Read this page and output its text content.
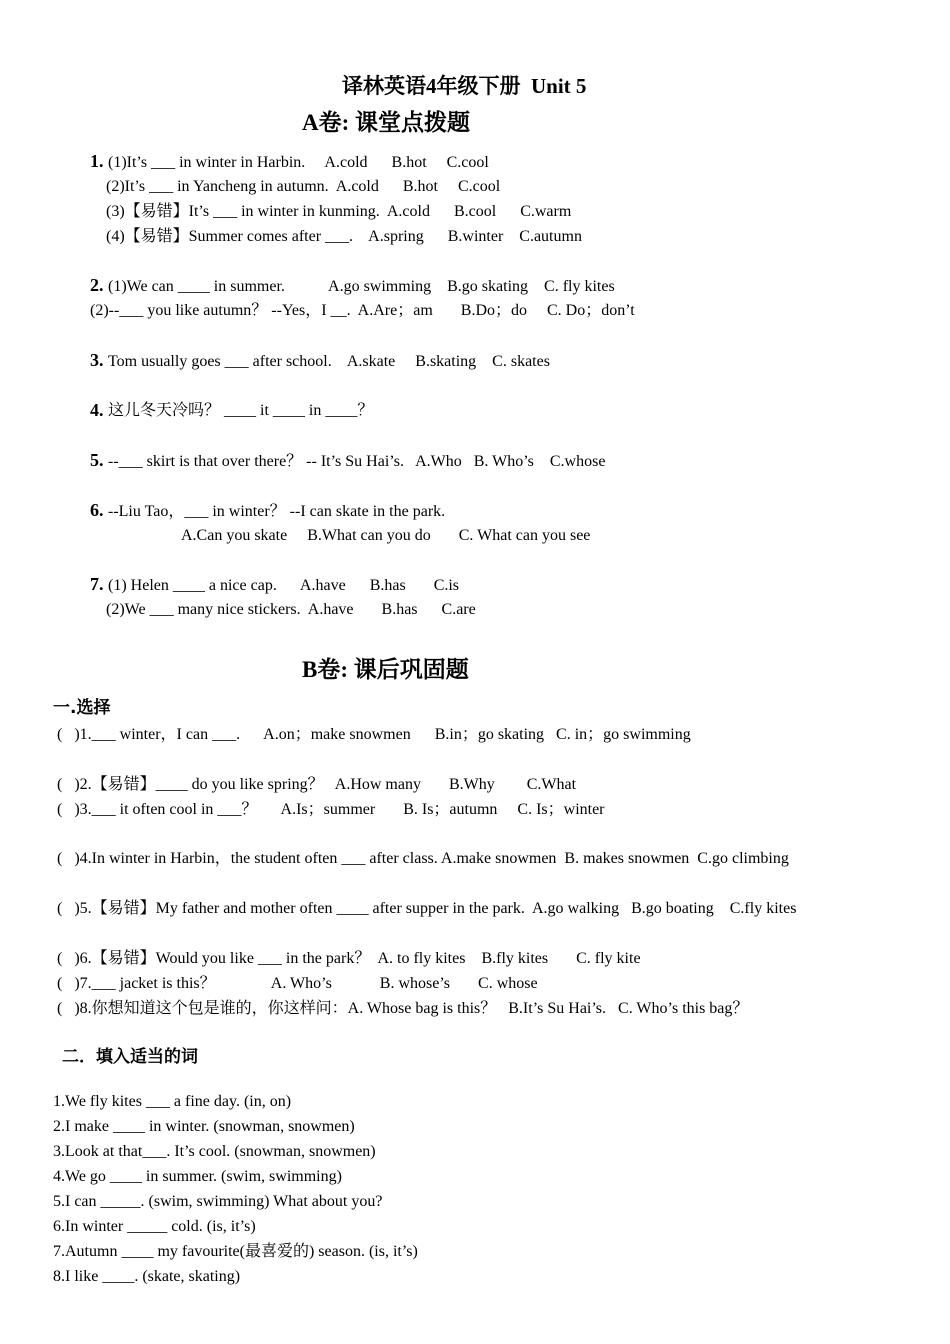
译林英语4年级下册  Unit 5
A卷: 课堂点拨题
1. (1)It’s ___ in winter in Harbin.     A.cold      B.hot     C.cool
(2)It’s ___ in Yancheng in autumn.  A.cold      B.hot     C.cool
(3)【易错】It’s ___ in winter in kunming.  A.cold      B.cool      C.warm
(4)【易错】Summer comes after ___.    A.spring      B.winter    C.autumn
2. (1)We can ____ in summer.           A.go swimming    B.go skating    C. fly kites
(2)--___ you like autumn？ --Yes，I __.  A.Are；am       B.Do；do     C. Do；don’t
3. Tom usually goes ___ after school.    A.skate     B.skating    C. skates
4. 这儿冬天冷吗？ ____ it ____ in ____？
5. --___ skirt is that over there？ -- It’s Su Hai’s.   A.Who   B. Who’s    C.whose
6. --Liu Tao，___ in winter？ --I can skate in the park.
A.Can you skate     B.What can you do       C. What can you see
7. (1) Helen ____ a nice cap.      A.have      B.has       C.is
(2)We ___ many nice stickers.  A.have       B.has      C.are
B卷: 课后巩固题
一.选择
(   )1.___ winter，I can ___.      A.on；make snowmen      B.in；go skating   C. in；go swimming
(   )2.【易错】____ do you like spring？   A.How many       B.Why        C.What
(   )3.___ it often cool in ___？      A.Is；summer       B. Is；autumn     C. Is；winter
(   )4.In winter in Harbin，the student often ___ after class. A.make snowmen  B. makes snowmen  C.go climbing
(   )5.【易错】My father and mother often ____ after supper in the park.  A.go walking   B.go boating    C.fly kites
(   )6.【易错】Would you like ___ in the park？  A. to fly kites    B.fly kites       C. fly kite
(   )7.___ jacket is this？              A. Who’s            B. whose’s       C. whose
(   )8.你想知道这个包是谁的，你这样问：A. Whose bag is this？   B.It’s Su Hai’s.   C. Who’s this bag？
二．填入适当的词
1.We fly kites ___ a fine day. (in, on)
2.I make ____ in winter. (snowman, snowmen)
3.Look at that___. It’s cool. (snowman, snowmen)
4.We go ____ in summer. (swim, swimming)
5.I can _____. (swim, swimming) What about you?
6.In winter _____ cold. (is, it’s)
7.Autumn ____ my favourite(最喜爱的) season. (is, it’s)
8.I like ____. (skate, skating)
